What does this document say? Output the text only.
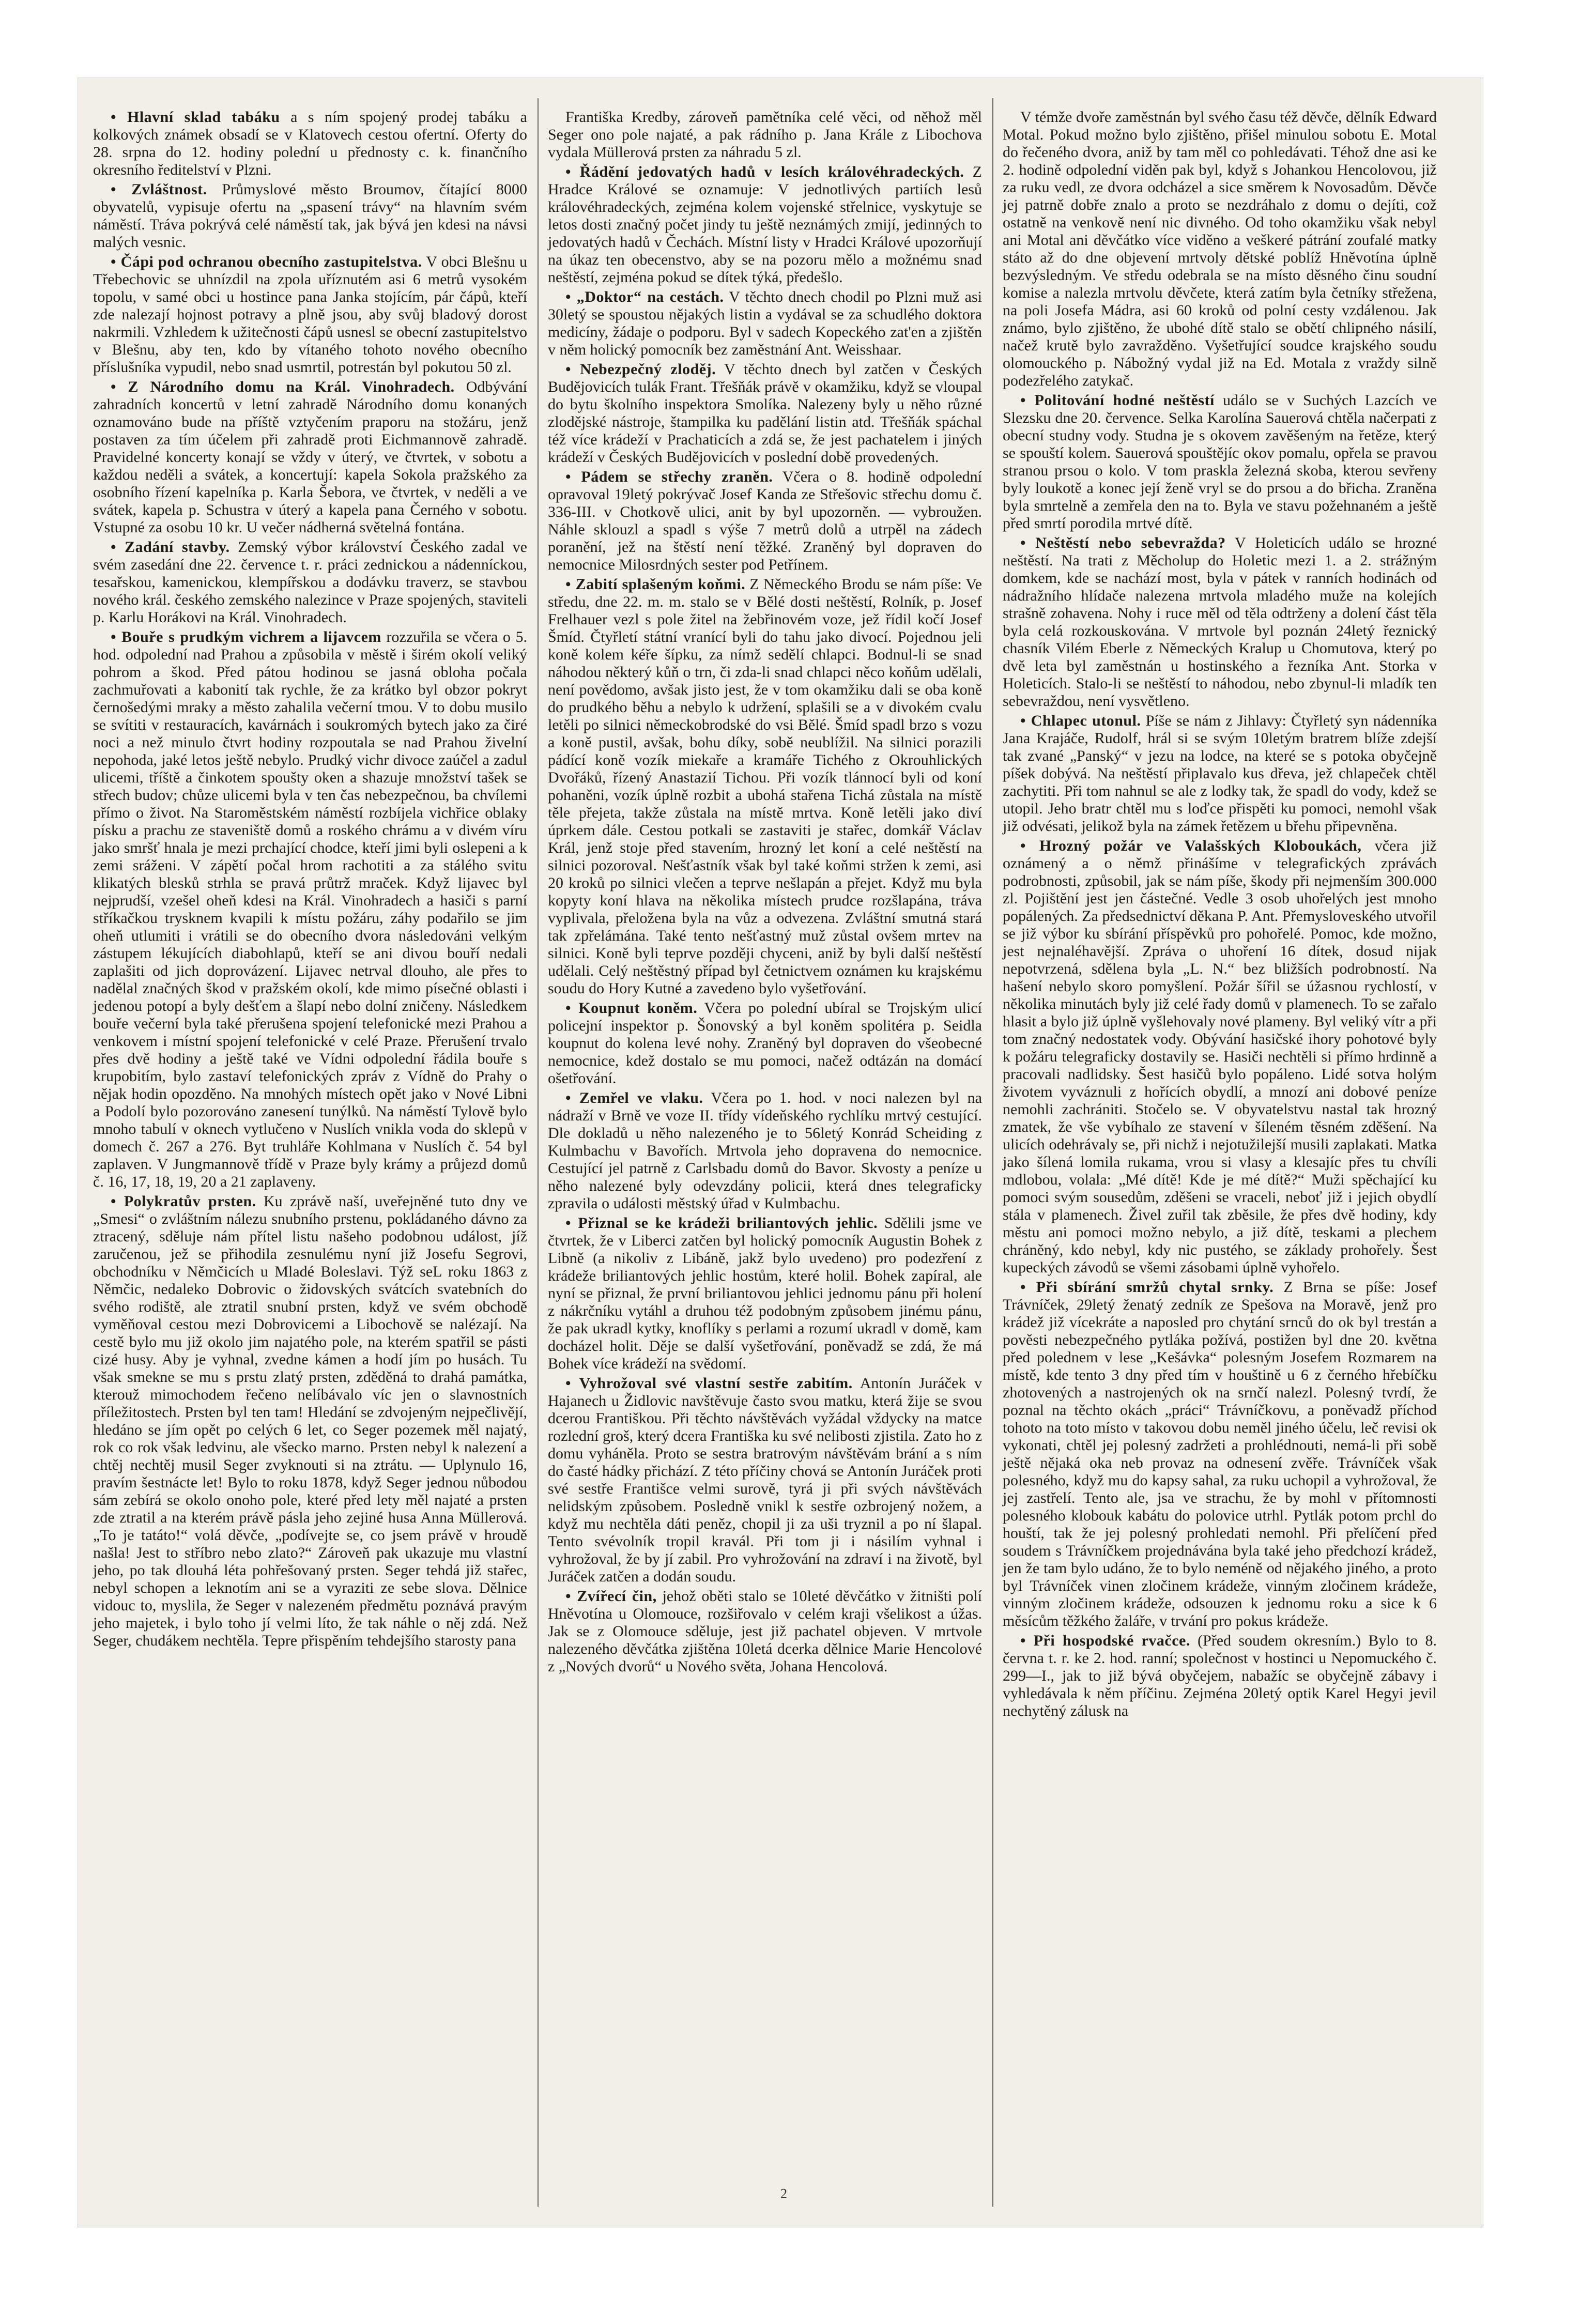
• Hlavní sklad tabáku a s ním spojený prodej tabáku a kolkových známek obsadí se v Klatovech cestou ofertní. Oferty do 28. srpna do 12. hodiny polední u přednosty c. k. finančního okresního ředitelství v Plzni.

• Zvláštnost. Průmyslové město Broumov, čítající 8000 obyvatelů, vypisuje ofertu na „spasení trávy“ na hlavním svém náměstí. Tráva pokrývá celé náměstí tak, jak bývá jen kdesi na návsi malých vesnic.

• Čápi pod ochranou obecního zastupitelstva. V obci Blešnu u Třebechovic se uhnízdil na zpola uříznutém asi 6 metrů vysokém topolu, v samé obci u hostince pana Janka stojícím, pár čápů, kteří zde nalezají hojnost potravy a plně jsou, aby svůj bladový dorost nakrmili. Vzhledem k užitečnosti čápů usnesl se obecní zastupitelstvo v Blešnu, aby ten, kdo by vítaného tohoto nového obecního příslušníka vypudil, nebo snad usmrtil, potrestán byl pokutou 50 zl.

• Z Národního domu na Král. Vinohradech. Odbývání zahradních koncertů v letní zahradě Národního domu konaných oznamováno bude na příště vztyčením praporu na stožáru, jenž postaven za tím účelem při zahradě proti Eichmannově zahradě. Pravidelné koncerty konají se vždy v úterý, ve čtvrtek, v sobotu a každou neděli a svátek, a koncertují: kapela Sokola pražského za osobního řízení kapelníka p. Karla Šebora, ve čtvrtek, v neděli a ve svátek, kapela p. Schustra v úterý a kapela pana Černého v sobotu. Vstupné za osobu 10 kr. U večer nádherná světelná fontána.

• Zadání stavby. Zemský výbor království Českého zadal ve svém zasedání dne 22. července t. r. práci zednickou a nádenníckou, tesařskou, kamenickou, klempířskou a dodávku traverz, se stavbou nového král. českého zemského nalezince v Praze spojených, staviteli p. Karlu Horákovi na Král. Vinohradech.

• Bouře s prudkým vichrem a lijavcem rozzuřila se včera o 5. hod. odpolední nad Prahou a způsobila v městě i širém okolí veliký pohrom a škod. Před pátou hodinou se jasná obloha počala zachmuřovati a kabonití tak rychle, že za krátko byl obzor pokryt černošedými mraky a město zahalila večerní tmou. V to dobu musilo se svítiti v restauracích, kavárnách i soukromých bytech jako za čiré noci a než minulo čtvrt hodiny rozpoutala se nad Prahou živelní nepohoda, jaké letos ještě nebylo. Prudký vichr divoce zaúčel a zadul ulicemi, tříště a činkotem spoušty oken a shazuje množství tašek se střech budov; chůze ulicemi byla v ten čas nebezpečnou, ba chvílemi přímo o život. Na Staroměstském náměstí rozbíjela vichřice oblaky písku a prachu ze staveniště domů a roského chrámu a v divém víru jako smršť hnala je mezi prchající chodce, kteří jimi byli oslepeni a k zemi sráženi. V zápětí počal hrom rachotiti a za stálého svitu klikatých blesků strhla se pravá průtrž mraček. Když lijavec byl nejprudší, vzešel oheň kdesi na Král. Vinohradech a hasiči s parní stříkačkou trysknem kvapili k místu požáru, záhy podařilo se jim oheň utlumiti i vrátili se do obecního dvora následováni velkým zástupem lékujících diabohlapů, kteří se ani divou bouří nedali zaplašiti od jich doprovázení. Lijavec netrval dlouho, ale přes to nadělal značných škod v pražském okolí, kde mimo písečné oblasti i jedenou potopí a byly dešťem a šlapí nebo dolní zničeny. Následkem bouře večerní byla také přerušena spojení telefonické mezi Prahou a venkovem i místní spojení telefonické v celé Praze. Přerušení trvalo přes dvě hodiny a ještě také ve Vídni odpolední řádila bouře s krupobitím, bylo zastaví telefonických zpráv z Vídně do Prahy o nějak hodin opozděno. Na mnohých místech opět jako v Nové Libni a Podolí bylo pozorováno zanesení tunýlků. Na náměstí Tylově bylo mnoho tabulí v oknech vytlučeno v Nuslích vnikla voda do sklepů v domech č. 267 a 276. Byt truhláře Kohlmana v Nuslích č. 54 byl zaplaven. V Jungmannově třídě v Praze byly krámy a průjezd domů č. 16, 17, 18, 19, 20 a 21 zaplaveny.

• Polykratův prsten. Ku zprávě naší, uveřejněné tuto dny ve „Smesi“ o zvláštním nálezu snubního prstenu, pokládaného dávno za ztracený, sděluje nám přítel listu našeho podobnou událost, jíž zaručenou, jež se přihodila zesnulému nyní již Josefu Segrovi, obchodníku v Němčicích u Mladé Boleslavi. Týž seL roku 1863 z Němčic, nedaleko Dobrovic o židovských svátcích svatebních do svého rodiště, ale ztratil snubní prsten, když ve svém obchodě vyměňoval cestou mezi Dobrovicemi a Libochově se nalézají. Na cestě bylo mu již okolo jim najatého pole, na kterém spatřil se pásti cizé husy. Aby je vyhnal, zvedne kámen a hodí jím po husách. Tu však smekne se mu s prstu zlatý prsten, zděděná to drahá památka, kterouž mimochodem řečeno nelíbávalo víc jen o slavnostních příležitostech. Prsten byl ten tam! Hledání se zdvojeným nejpečlivějí, hledáno se jím opět po celých 6 let, co Seger pozemek měl najatý, rok co rok však ledvinu, ale všecko marno. Prsten nebyl k nalezení a chtěj nechtěj musil Seger zvyknouti si na ztrátu. — Uplynulo 16, pravím šestnácte let! Bylo to roku 1878, když Seger jednou nůbodou sám zebírá se okolo onoho pole, které před lety měl najaté a prsten zde ztratil a na kterém právě pásla jeho zejiné husa Anna Müllerová. „To je tatáto!“ volá děvče, „podívejte se, co jsem právě v hroudě našla! Jest to stříbro nebo zlato?“ Zároveň pak ukazuje mu vlastní jeho, po tak dlouhá léta pohřešovaný prsten. Seger tehdá již stařec, nebyl schopen a leknotím ani se a vyraziti ze sebe slova. Dělnice vidouc to, myslila, že Seger v nalezeném předmětu poznává pravým jeho majetek, i bylo toho jí velmi líto, že tak náhle o něj zdá. Než Seger, chudákem nechtěla. Tepre přispěním tehdejšího starosty pana

Františka Kredby, zároveň pamětníka celé věci, od něhož měl Seger ono pole najaté, a pak rádního p. Jana Krále z Libochova vydala Müllerová prsten za náhradu 5 zl.

• Řádění jedovatých hadů v lesích královéhradeckých. Z Hradce Králové se oznamuje: V jednotlivých partiích lesů královéhradeckých, zejména kolem vojenské střelnice, vyskytuje se letos dosti značný počet jindy tu ještě neznámých zmijí, jedinných to jedovatých hadů v Čechách. Místní listy v Hradci Králové upozorňují na úkaz ten obecenstvo, aby se na pozoru mělo a možnému snad neštěstí, zejména pokud se dítek týká, předešlo.

• „Doktor“ na cestách. V těchto dnech chodil po Plzni muž asi 30letý se spoustou nějakých listin a vydával se za schudlého doktora medicíny, žádaje o podporu. Byl v sadech Kopeckého zat'en a zjištěn v něm holický pomocník bez zaměstnání Ant. Weisshaar.

• Nebezpečný zloděj. V těchto dnech byl zatčen v Českých Budějovicích tulák Frant. Třešňák právě v okamžiku, když se vloupal do bytu školního inspektora Smolíka. Nalezeny byly u něho různé zlodějské nástroje, štampilka ku padělání listin atd. Třešňák spáchal též více krádeží v Prachaticích a zdá se, že jest pachatelem i jiných krádeží v Českých Budějovicích v poslední době provedených.

• Pádem se střechy zraněn. Včera o 8. hodině odpolední opravoval 19letý pokrývač Josef Kanda ze Střešovic střechu domu č. 336-III. v Chotkově ulici, anit by byl upozorněn. — vybroužen. Náhle sklouzl a spadl s výše 7 metrů dolů a utrpěl na zádech poranění, jež na štěstí není těžké. Zraněný byl dopraven do nemocnice Milosrdných sester pod Petřínem.

• Zabití splašeným koňmi. Z Německého Brodu se nám píše: Ve středu, dne 22. m. m. stalo se v Bělé dosti neštěstí, Rolník, p. Josef Frelhauer vezl s pole žitel na žebřinovém voze, jež řídil kočí Josef Šmíd. Čtyřletí státní vranící byli do tahu jako divocí. Pojednou jeli koně kolem kéře šípku, za nímž sedělí chlapci. Bodnul-li se snad náhodou některý kůň o trn, či zda-li snad chlapci něco koňům udělali, není povědomo, avšak jisto jest, že v tom okamžiku dali se oba koně do prudkého běhu a nebylo k udržení, splašili se a v divokém cvalu letěli po silnici německobrodské do vsi Bělé. Šmíd spadl brzo s vozu a koně pustil, avšak, bohu díky, sobě neublížil. Na silnici porazili pádící koně vozík miekaře a kramáře Tichého z Okrouhlických Dvořáků, řízený Anastazií Tichou. Při vozík tlánnocí byli od koní pohaněni, vozík úplně rozbit a ubohá stařena Tichá zůstala na místě těle přejeta, takže zůstala na místě mrtva. Koně letěli jako diví úprkem dále. Cestou potkali se zastaviti je stařec, domkář Václav Král, jenž stoje před stavením, hrozný let koní a celé neštěstí na silnici pozoroval. Nešťastník však byl také koňmi stržen k zemi, asi 20 kroků po silnici vlečen a teprve nešlapán a přejet. Když mu byla kopyty koní hlava na několika místech prudce rozšlapána, tráva vyplivala, přeložena byla na vůz a odvezena. Zvláštní smutná stará tak zpřelámána. Také tento nešťastný muž zůstal ovšem mrtev na silnici. Koně byli teprve později chyceni, aniž by byli další neštěstí udělali. Celý neštěstný případ byl četnictvem oznámen ku krajskému soudu do Hory Kutné a zavedeno bylo vyšetřování.

• Koupnut koněm. Včera po polední ubíral se Trojským ulicí policejní inspektor p. Šonovský a byl koněm spolitéra p. Seidla koupnut do kolena levé nohy. Zraněný byl dopraven do všeobecné nemocnice, kdež dostalo se mu pomoci, načež odtázán na domácí ošetřování.

• Zemřel ve vlaku. Včera po 1. hod. v noci nalezen byl na nádraží v Brně ve voze II. třídy vídeňského rychlíku mrtvý cestující. Dle dokladů u něho nalezeného je to 56letý Konrád Scheiding z Kulmbachu v Bavořích. Mrtvola jeho dopravena do nemocnice. Cestující jel patrně z Carlsbadu domů do Bavor. Skvosty a peníze u něho nalezené byly odevzdány policii, která dnes telegraficky zpravila o události městský úřad v Kulmbachu.

• Přiznal se ke krádeži briliantových jehlic. Sdělili jsme ve čtvrtek, že v Liberci zatčen byl holický pomocník Augustin Bohek z Libně (a nikoliv z Libáně, jakž bylo uvedeno) pro podezření z krádeže briliantových jehlic hostům, které holil. Bohek zapíral, ale nyní se přiznal, že první briliantovou jehlici jednomu pánu při holení z nákrčníku vytáhl a druhou též podobným způsobem jinému pánu, že pak ukradl kytky, knoflíky s perlami a rozumí ukradl v domě, kam docházel holit. Děje se další vyšetřování, poněvadž se zdá, že má Bohek více krádeží na svědomí.

• Vyhrožoval své vlastní sestře zabitím. Antonín Juráček v Hajanech u Židlovic navštěvuje často svou matku, která žije se svou dcerou Františkou. Při těchto návštěvách vyžádal vždycky na matce rozlední groš, který dcera Františka ku své nelibosti zjistila. Zato ho z domu vyháněla. Proto se sestra bratrovým návštěvám brání a s ním do časté hádky přichází. Z této příčiny chová se Antonín Juráček proti své sestře Františce velmi surově, tyrá ji při svých návštěvách nelidským způsobem. Posledně vnikl k sestře ozbrojený nožem, a když mu nechtěla dáti peněz, chopil ji za uši tryznil a po ní šlapal. Tento svévolník tropil kravál. Při tom ji i násilím vyhnal i vyhrožoval, že by jí zabil. Pro vyhrožování na zdraví i na životě, byl Juráček zatčen a dodán soudu.

• Zvířecí čin, jehož oběti stalo se 10leté děvčátko v žitništi polí Hněvotína u Olomouce, rozšiřovalo v celém kraji všelikost a úžas. Jak se z Olomouce sděluje, jest již pachatel objeven. V mrtvole nalezeného děvčátka zjištěna 10letá dcerka dělnice Marie Hencolové z „Nových dvorů“ u Nového světa, Johana Hencolová.

V témže dvoře zaměstnán byl svého času též děvče, dělník Edward Motal. Pokud možno bylo zjištěno, přišel minulou sobotu E. Motal do řečeného dvora, aniž by tam měl co pohledávati. Téhož dne asi ke 2. hodině odpolední viděn pak byl, když s Johankou Hencolovou, již za ruku vedl, ze dvora odcházel a sice směrem k Novosadům. Děvče jej patrně dobře znalo a proto se nezdráhalo z domu o dejíti, což ostatně na venkově není nic divného. Od toho okamžiku však nebyl ani Motal ani děvčátko více viděno a veškeré pátrání zoufalé matky státo až do dne objevení mrtvoly dětské poblíž Hněvotína úplně bezvýsledným. Ve středu odebrala se na místo děsného činu soudní komise a nalezla mrtvolu děvčete, která zatím byla četníky střežena, na poli Josefa Mádra, asi 60 kroků od polní cesty vzdálenou. Jak známo, bylo zjištěno, že ubohé dítě stalo se obětí chlipného násilí, načež krutě bylo zavražděno. Vyšetřující soudce krajského soudu olomouckého p. Nábožný vydal již na Ed. Motala z vraždy silně podezřelého zatykač.

• Politování hodné neštěstí událo se v Suchých Lazcích ve Slezsku dne 20. července. Selka Karolína Sauerová chtěla načerpati z obecní studny vody. Studna je s okovem zavěšeným na řetěze, který se spouští kolem. Sauerová spouštějíc okov pomalu, opřela se pravou stranou prsou o kolo. V tom praskla železná skoba, kterou sevřeny byly loukotě a konec její ženě vryl se do prsou a do břicha. Zraněna byla smrtelně a zemřela den na to. Byla ve stavu požehnaném a ještě před smrtí porodila mrtvé dítě.

• Neštěstí nebo sebevražda? V Holeticích událo se hrozné neštěstí. Na trati z Měcholup do Holetic mezi 1. a 2. strážným domkem, kde se nachází most, byla v pátek v ranních hodinách od nádražního hlídače nalezena mrtvola mladého muže na kolejích strašně zohavena. Nohy i ruce měl od těla odtrženy a dolení část těla byla celá rozkouskována. V mrtvole byl poznán 24letý řeznický chasník Vilém Eberle z Německých Kralup u Chomutova, který po dvě leta byl zaměstnán u hostinského a řezníka Ant. Storka v Holeticích. Stalo-li se neštěstí to náhodou, nebo zbynul-li mladík ten sebevraždou, není vysvětleno.

• Chlapec utonul. Píše se nám z Jihlavy: Čtyřletý syn nádenníka Jana Krajáče, Rudolf, hrál si se svým 10letým bratrem blíže zdejší tak zvané „Panský“ v jezu na lodce, na které se s potoka obyčejně píšek dobývá. Na neštěstí připlavalo kus dřeva, jež chlapeček chtěl zachytiti. Při tom nahnul se ale z lodky tak, že spadl do vody, kdež se utopil. Jeho bratr chtěl mu s loďce přispěti ku pomoci, nemohl však již odvésati, jelikož byla na zámek řetězem u břehu připevněna.

• Hrozný požár ve Valašských Kloboukách, včera již oznámený a o němž přinášíme v telegrafických zprávách podrobnosti, způsobil, jak se nám píše, škody při nejmenším 300.000 zl. Pojištění jest jen částečné. Vedle 3 osob uhořelých jest mnoho popálených. Za předsednictví děkana P. Ant. Přemysloveského utvořil se již výbor ku sbírání příspěvků pro pohořelé. Pomoc, kde možno, jest nejnaléhavější. Zpráva o uhoření 16 dítek, dosud nijak nepotvrzená, sdělena byla „L. N.“ bez bližších podrobností. Na hašení nebylo skoro pomyšlení. Požár šířil se úžasnou rychlostí, v několika minutách byly již celé řady domů v plamenech. To se zařalo hlasit a bylo již úplně vyšlehovaly nové plameny. Byl veliký vítr a při tom značný nedostatek vody. Obývání hasičské ihory pohotové byly k požáru telegraficky dostavily se. Hasiči nechtěli si přímo hrdinně a pracovali nadlidsky. Šest hasičů bylo popáleno. Lidé sotva holým životem vyváznuli z hořících obydlí, a mnozí ani dobové peníze nemohli zachrániti. Stočelo se. V obyvatelstvu nastal tak hrozný zmatek, že vše vybíhalo ze stavení v šíleném těsném zděšení. Na ulicích odehrávaly se, při nichž i nejotužilejší musili zaplakati. Matka jako šílená lomila rukama, vrou si vlasy a klesajíc přes tu chvíli mdlobou, volala: „Mé dítě! Kde je mé dítě?“ Muži spěchající ku pomoci svým sousedům, zděšeni se vraceli, neboť již i jejich obydlí stála v plamenech. Živel zuřil tak zběsile, že přes dvě hodiny, kdy městu ani pomoci možno nebylo, a již dítě, teskami a plechem chráněný, kdo nebyl, kdy nic pustého, se základy prohořely. Šest kupeckých závodů se všemi zásobami úplně vyhořelo.

• Při sbírání smržů chytal srnky. Z Brna se píše: Josef Trávníček, 29letý ženatý zedník ze Spešova na Moravě, jenž pro krádež již vícekráte a naposled pro chytání srnců do ok byl trestán a pověsti nebezpečného pytláka požívá, postižen byl dne 20. května před polednem v lese „Kešávka“ polesným Josefem Rozmarem na místě, kde tento 3 dny před tím v houštině u 6 z černého hřebíčku zhotovených a nastrojených ok na srnčí nalezl. Polesný tvrdí, že poznal na těchto okách „práci“ Trávníčkovu, a poněvadž příchod tohoto na toto místo v takovou dobu neměl jiného účelu, leč revisi ok vykonati, chtěl jej polesný zadržeti a prohlédnouti, nemá-li při sobě ještě nějaká oka neb provaz na odnesení zvěře. Trávníček však polesného, když mu do kapsy sahal, za ruku uchopil a vyhrožoval, že jej zastřelí. Tento ale, jsa ve strachu, že by mohl v přítomnosti polesného klobouk kabátu do polovice utrhl. Pytlák potom prchl do houští, tak že jej polesný prohledati nemohl. Při přelíčení před soudem s Trávníčkem projednávána byla také jeho předchozí krádež, jen že tam bylo udáno, že to bylo neméně od nějakého jiného, a proto byl Trávníček vinen zločinem krádeže, vinným zločinem krádeže, vinným zločinem krádeže, odsouzen k jednomu roku a sice k 6 měsícům těžkého žaláře, v trvání pro pokus krádeže.

• Při hospodské rvačce. (Před soudem okresním.) Bylo to 8. června t. r. ke 2. hod. ranní; společnost v hostinci u Nepomuckého č. 299—I., jak to již bývá obyčejem, nabažíc se obyčejně zábavy i vyhledávala k něm příčinu. Zejména 20letý optik Karel Hegyi jevil nechytěný zálusk na

2
